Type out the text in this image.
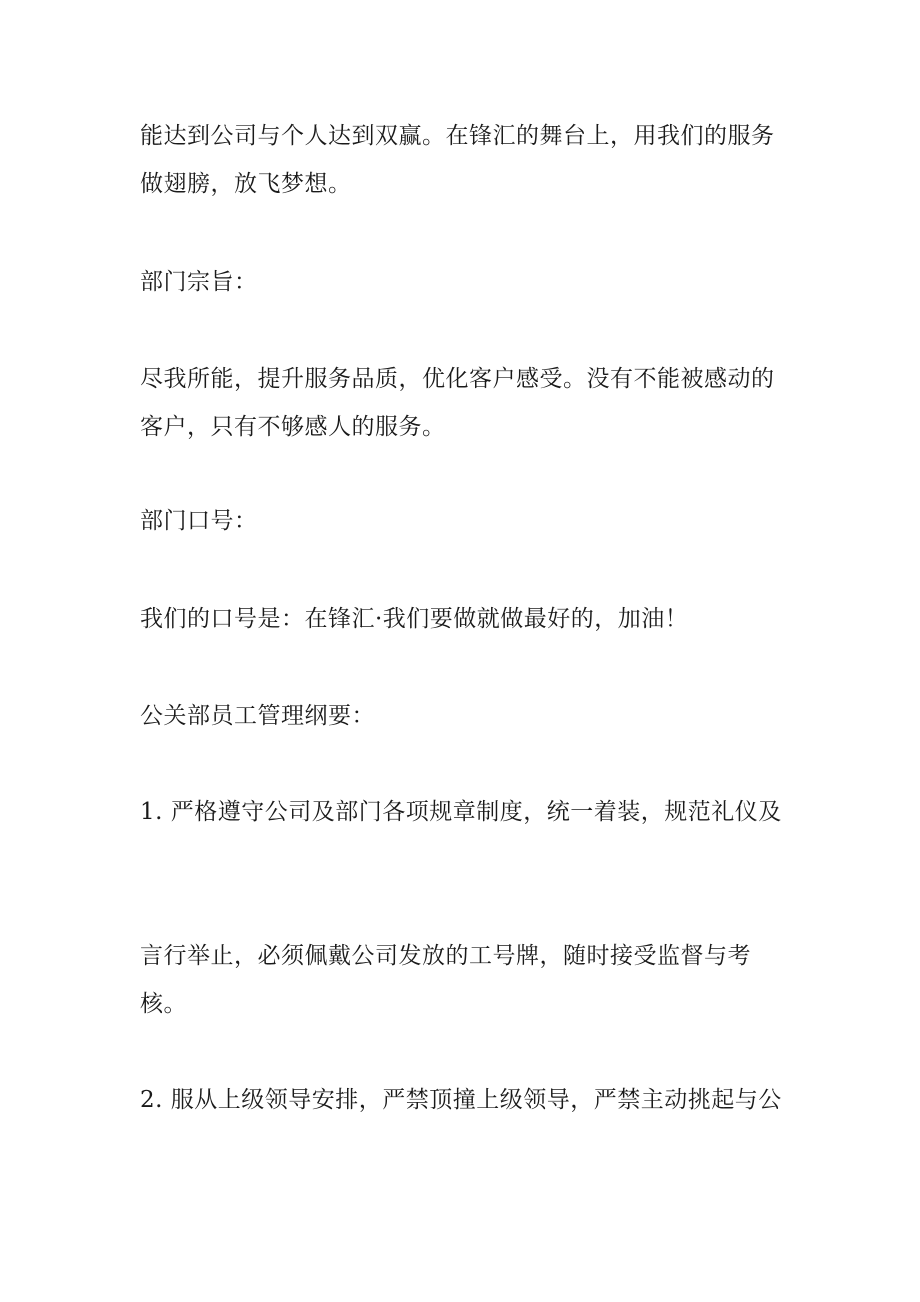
能达到公司与个人达到双赢。在锋汇的舞台上，用我们的服务做翅膀，放飞梦想。

部门宗旨：

尽我所能，提升服务品质，优化客户感受。没有不能被感动的客户，只有不够感人的服务。

部门口号：

我们的口号是：在锋汇·我们要做就做最好的，加油！

公关部员工管理纲要：

1. 严格遵守公司及部门各项规章制度，统一着装，规范礼仪及

言行举止，必须佩戴公司发放的工号牌，随时接受监督与考核。

2. 服从上级领导安排，严禁顶撞上级领导，严禁主动挑起与公
